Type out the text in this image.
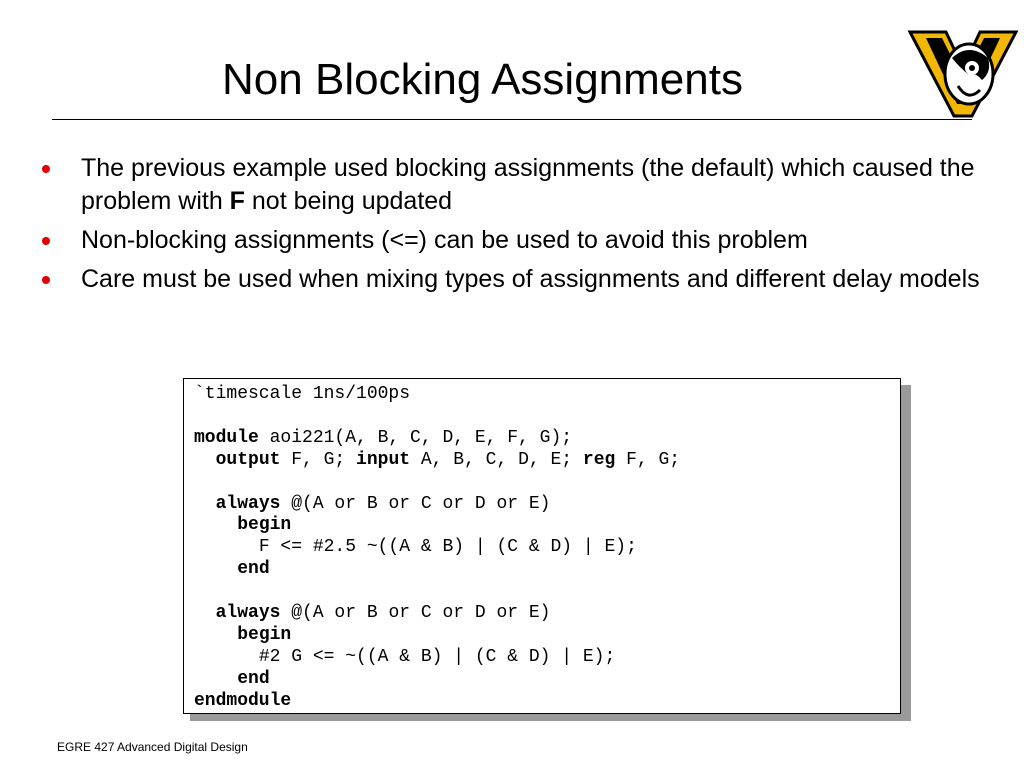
Non Blocking Assignments
The previous example used blocking assignments (the default) which caused the problem with F not being updated
Non-blocking assignments (<=) can be used to avoid this problem
Care must be used when mixing types of assignments and different delay models
`timescale 1ns/100ps

module aoi221(A, B, C, D, E, F, G);
output F, G; input A, B, C, D, E; reg F, G;

always @(A or B or C or D or E)
begin
F <= #2.5 ~((A & B) | (C & D) | E);
end

always @(A or B or C or D or E)
begin
#2 G <= ~((A & B) | (C & D) | E);
end
endmodule
EGRE 427 Advanced Digital Design
